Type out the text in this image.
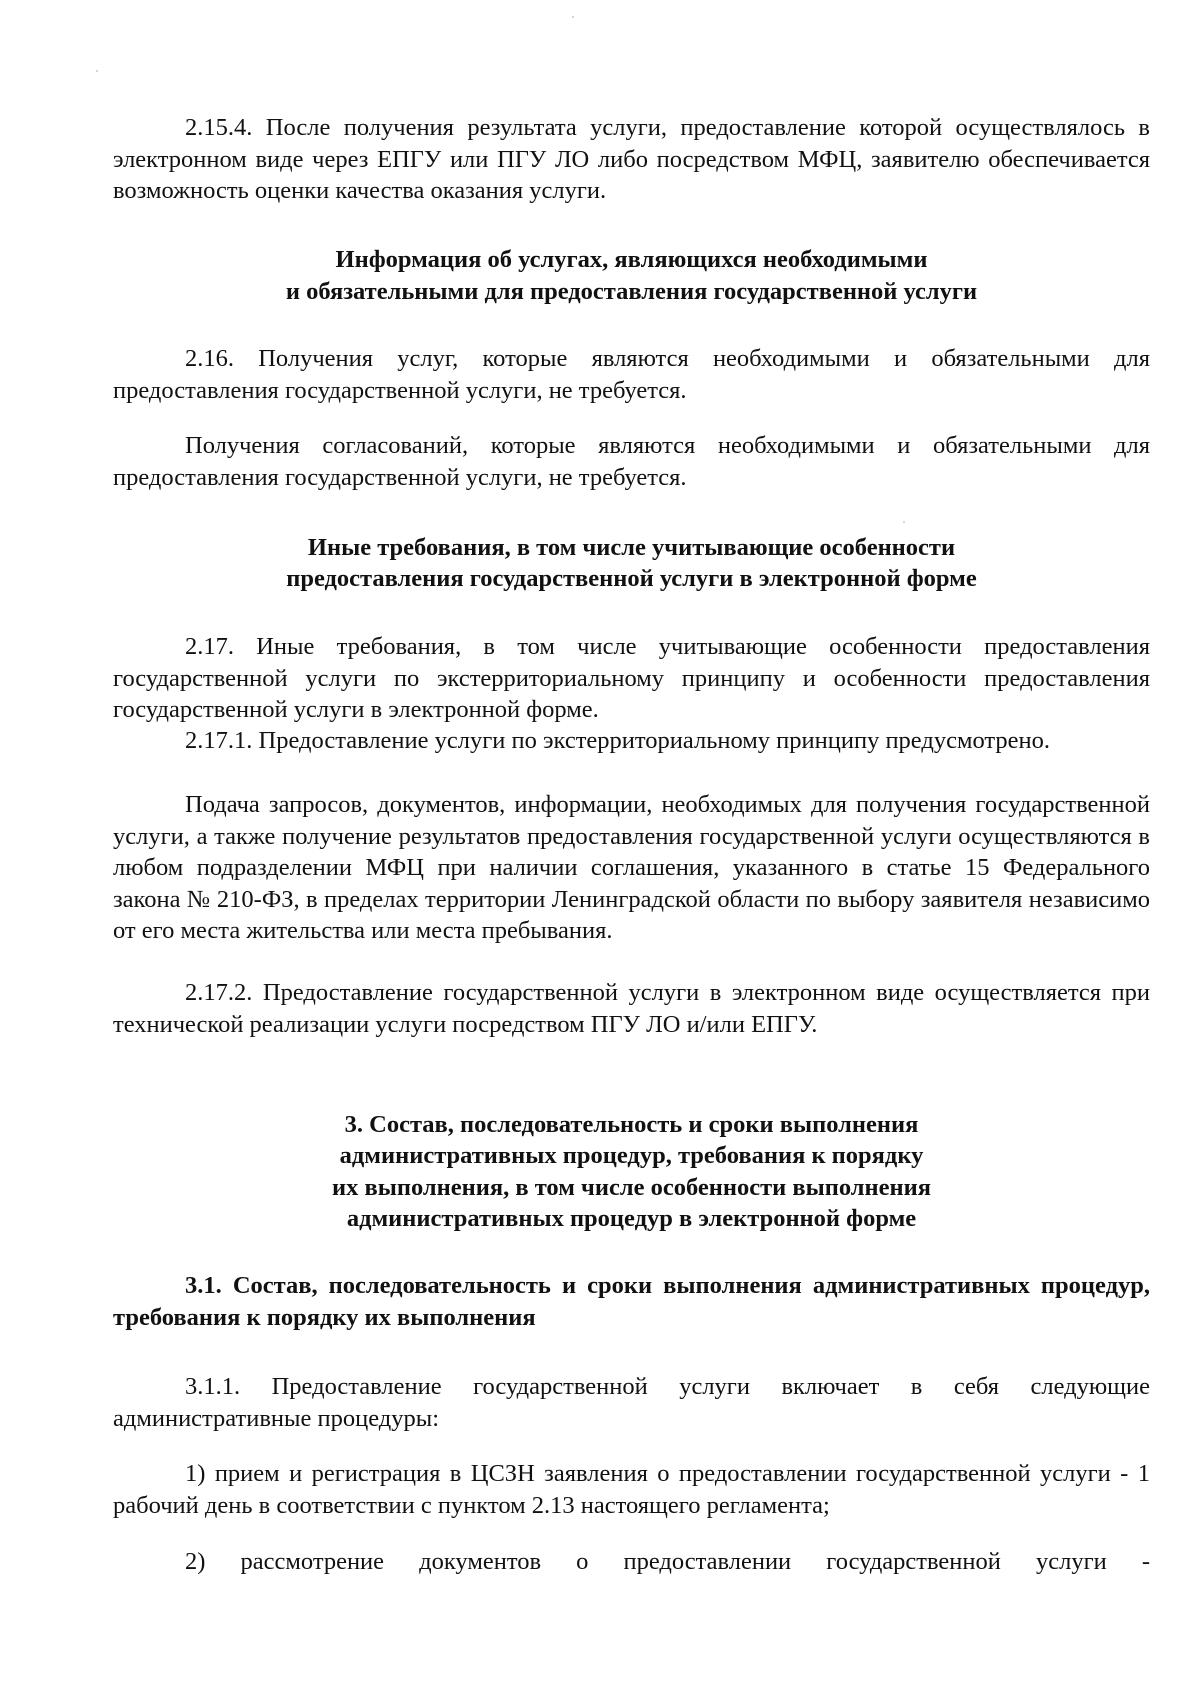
2.15.4. После получения результата услуги, предоставление которой осуществлялось в электронном виде через ЕПГУ или ПГУ ЛО либо посредством МФЦ, заявителю обеспечивается возможность оценки качества оказания услуги.

Информация об услугах, являющихся необходимыми

и обязательными для предоставления государственной услуги

2.16. Получения услуг, которые являются необходимыми и обязательными для предоставления государственной услуги, не требуется.

Получения согласований, которые являются необходимыми и обязательными для предоставления государственной услуги, не требуется.

Иные требования, в том числе учитывающие особенности

предоставления государственной услуги в электронной форме

2.17. Иные требования, в том числе учитывающие особенности предоставления государственной услуги по экстерриториальному принципу и особенности предоставления государственной услуги в электронной форме.

2.17.1. Предоставление услуги по экстерриториальному принципу предусмотрено.

Подача запросов, документов, информации, необходимых для получения государственной услуги, а также получение результатов предоставления государственной услуги осуществляются в любом подразделении МФЦ при наличии соглашения, указанного в статье 15 Федерального закона № 210-ФЗ, в пределах территории Ленинградской области по выбору заявителя независимо от его места жительства или места пребывания.

2.17.2. Предоставление государственной услуги в электронном виде осуществляется при технической реализации услуги посредством ПГУ ЛО и/или ЕПГУ.

3. Состав, последовательность и сроки выполнения

административных процедур, требования к порядку

их выполнения, в том числе особенности выполнения

административных процедур в электронной форме

3.1. Состав, последовательность и сроки выполнения административных процедур, требования к порядку их выполнения

3.1.1. Предоставление государственной услуги включает в себя следующие административные процедуры:

1) прием и регистрация в ЦСЗН заявления о предоставлении государственной услуги - 1 рабочий день в соответствии с пунктом 2.13 настоящего регламента;

2) рассмотрение документов о предоставлении государственной услуги -
